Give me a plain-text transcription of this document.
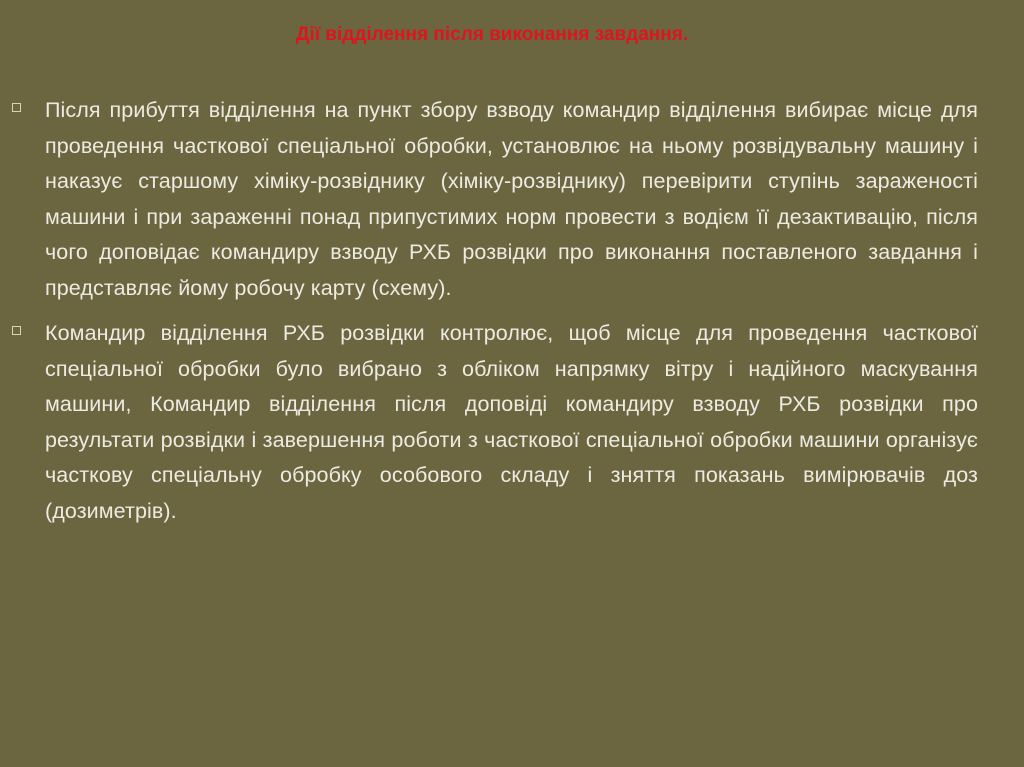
Дії відділення після виконання завдання.
Після прибуття відділення на пункт збору взводу командир відділення вибирає місце для проведення часткової спеціальної обробки, установлює на ньому розвідувальну машину і наказує старшому хіміку-розвіднику (хіміку-розвіднику) перевірити ступінь зараженості машини і при зараженні понад припустимих норм провести з водієм її дезактивацію, після чого доповідає командиру взводу РХБ розвідки про виконання поставленого завдання і представляє йому робочу карту (схему).
Командир відділення РХБ розвідки контролює, щоб місце для проведення часткової спеціальної обробки було вибрано з обліком напрямку вітру і надійного маскування машини, Командир відділення після доповіді командиру взводу РХБ розвідки про результати розвідки і завершення роботи з часткової спеціальної обробки машини організує часткову спеціальну обробку особового складу і зняття показань вимірювачів доз (дозиметрів).
